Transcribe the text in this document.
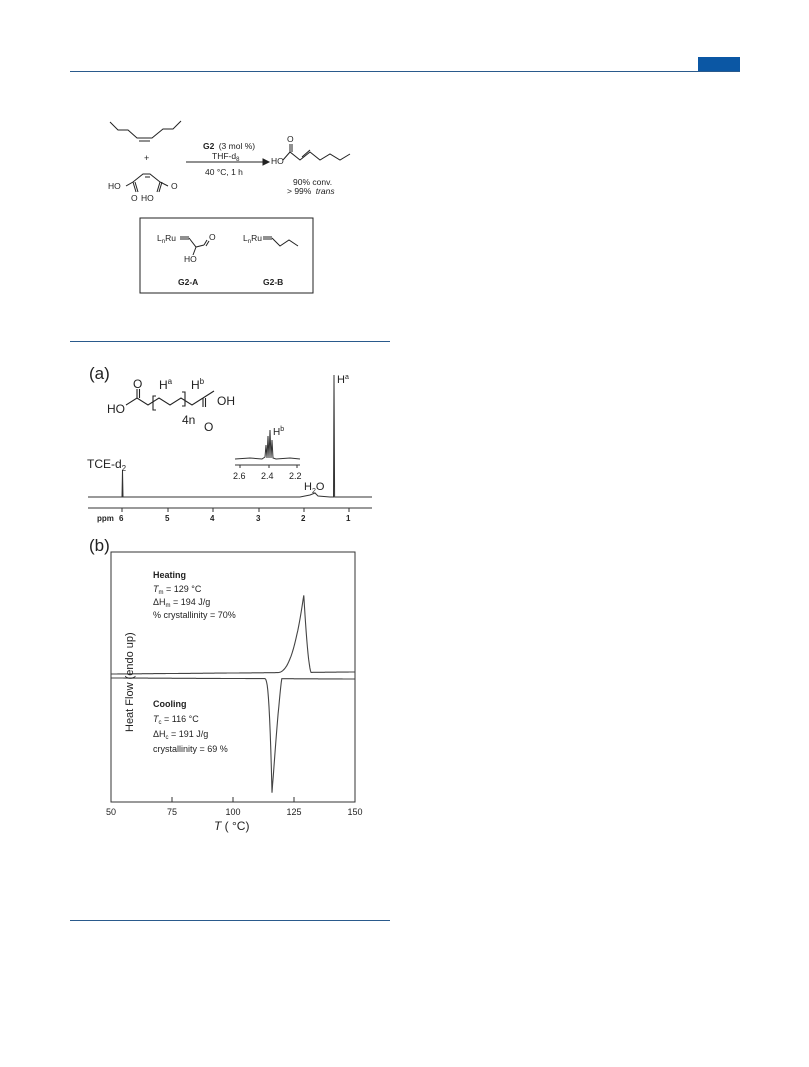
+
HO
O HO
O
G2 (3 mol %)
THF-$d_8$
40 °C, 1 h
HO
O
90% conv.
> 99% trans
$L_nRu$
HO
O
G2-A
$L_nRu$
G2-B
(a)
HO
OH
O
O
$H^a$ $H^b$
4n
ppm 6	5	4	3	2	1
TCE-$d_2$
$H_2O$
$H^a$
$H^b$
2.6 2.4 2.2
(b)
50	75	100	125	150
Heat Flow (endo up)
T ( °C)
Heating
$T_m = 129$ °C
$\Delta H_m = 194$ J/g
% crystallinity = 70%
Cooling
$T_c = 116$ °C
$\Delta H_c = 191$ J/g
crystallinity = 69 %
